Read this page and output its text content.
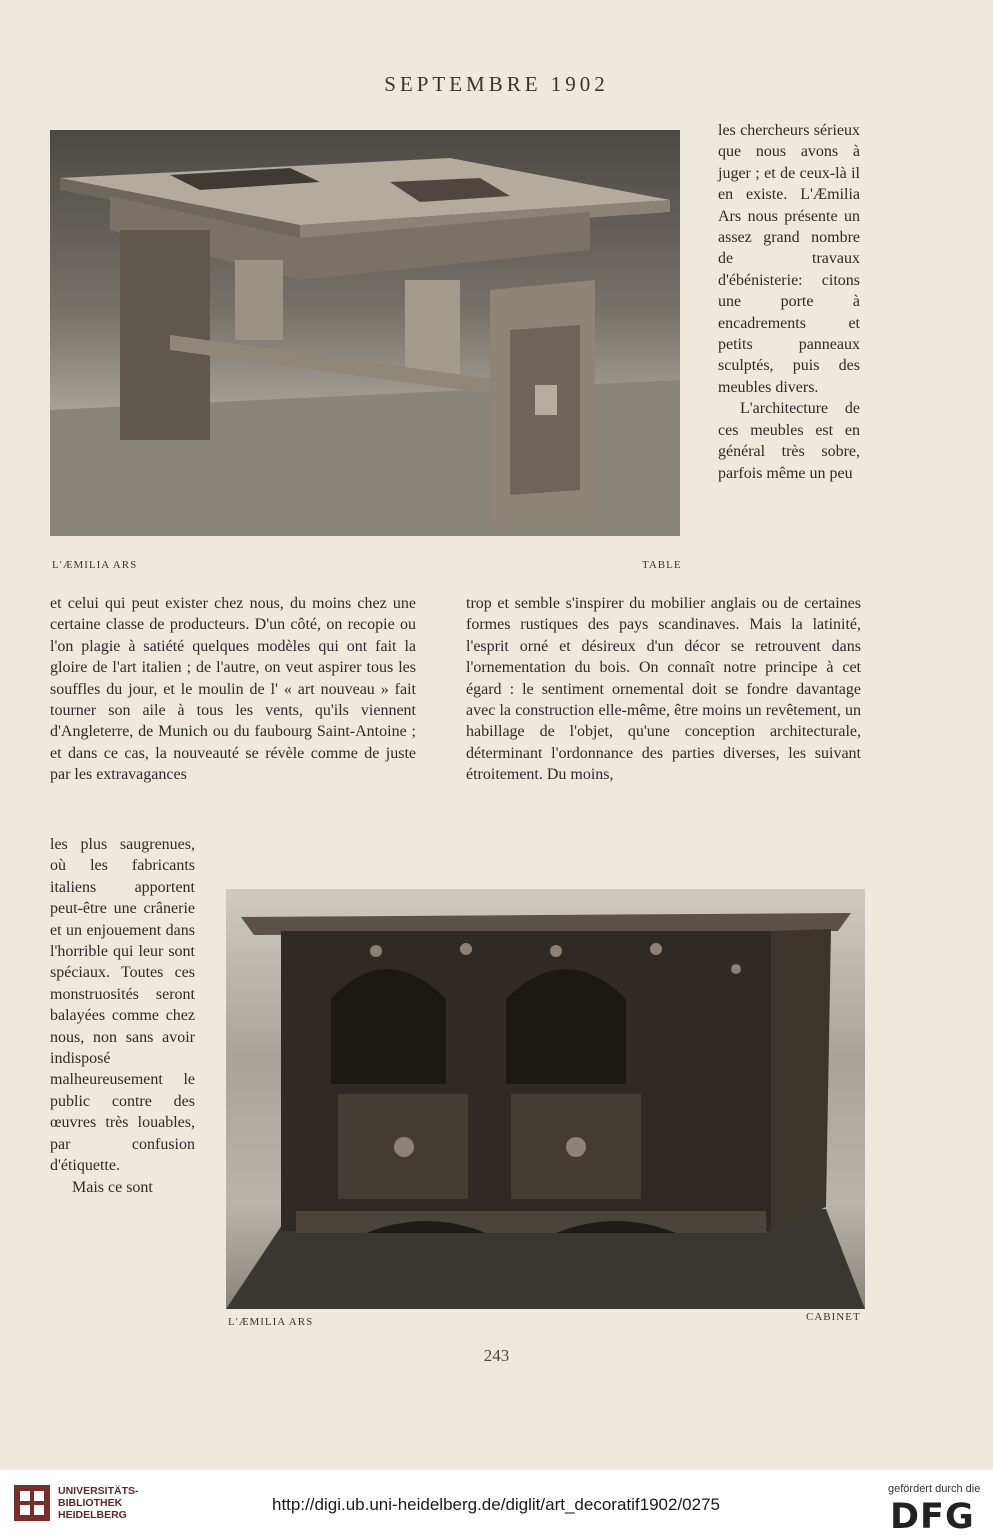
SEPTEMBRE 1902
L'ÆMILIA ARS	TABLE

les chercheurs sérieux que nous avons à juger ; et de ceux-là il en existe. L'Æmilia Ars nous présente un assez grand nombre de travaux d'ébénisterie: citons une porte à encadrements et petits panneaux sculptés, puis des meubles divers.

L'architecture de ces meubles est en général très sobre, parfois même un peu

et celui qui peut exister chez nous, du moins chez une certaine classe de producteurs. D'un côté, on recopie ou l'on plagie à satiété quelques modèles qui ont fait la gloire de l'art italien ; de l'autre, on veut aspirer tous les souffles du jour, et le moulin de l' « art nouveau » fait tourner son aile à tous les vents, qu'ils viennent d'Angleterre, de Munich ou du faubourg Saint-Antoine ; et dans ce cas, la nouveauté se révèle comme de juste par les extravagances

trop et semble s'inspirer du mobilier anglais ou de certaines formes rustiques des pays scandinaves. Mais la latinité, l'esprit orné et désireux d'un décor se retrouvent dans l'ornementation du bois. On connaît notre principe à cet égard : le sentiment ornemental doit se fondre davantage avec la construction elle-même, être moins un revêtement, un habillage de l'objet, qu'une conception architecturale, déterminant l'ordonnance des parties diverses, les suivant étroitement. Du moins,

les plus saugrenues, où les fabricants italiens apportent peut-être une crânerie et un enjouement dans l'horrible qui leur sont spéciaux. Toutes ces monstruosités seront balayées comme chez nous, non sans avoir indisposé malheureusement le public contre des œuvres très louables, par confusion d'étiquette.

Mais ce sont

L'ÆMILIA ARS	CABINET
243
UNIVERSITÄTS-
BIBLIOTHEK
HEIDELBERG
http://digi.ub.uni-heidelberg.de/diglit/art_decoratif1902/0275
gefördert durch die
DFG
